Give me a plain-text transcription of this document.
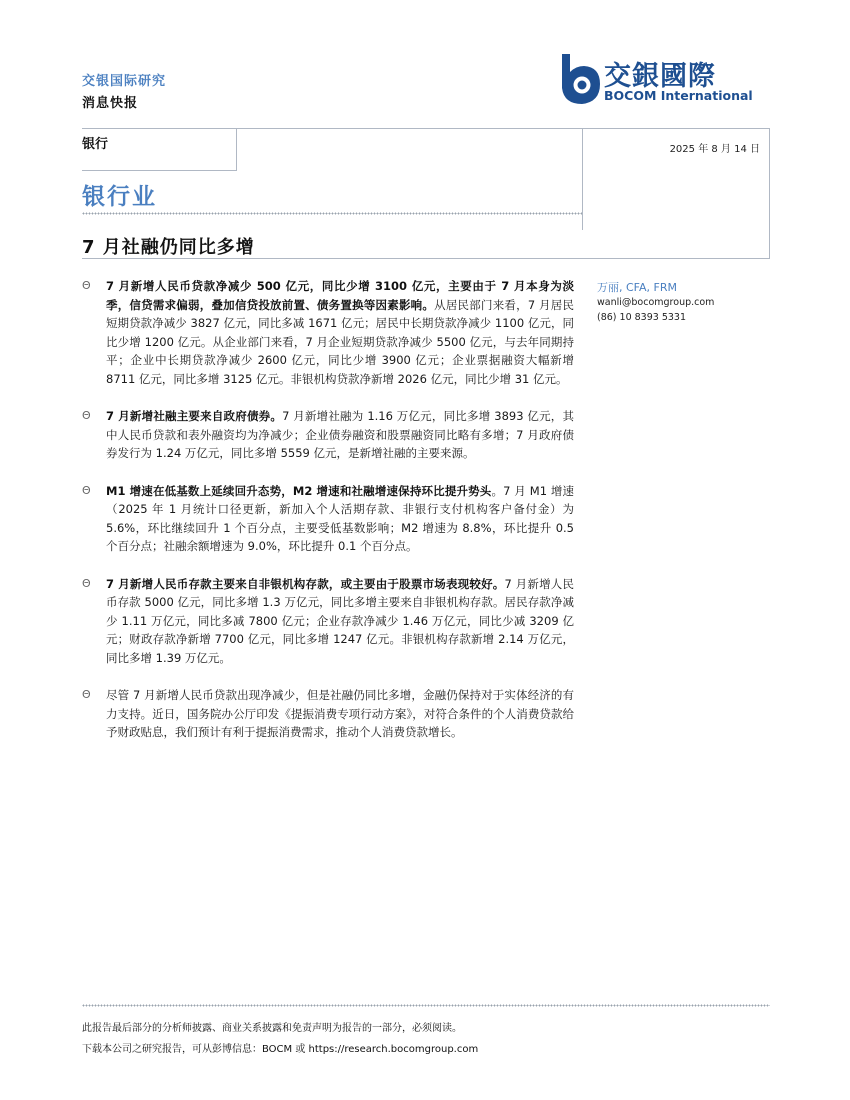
交银国际研究
消息快报
交銀國際
BOCOM International
银行	2025 年 8 月 14 日
银行业
7 月社融仍同比多增
万丽, CFA, FRM
wanli@bocomgroup.com
(86) 10 8393 5331
Θ 7 月新增人民币贷款净减少 500 亿元，同比少增 3100 亿元，主要由于 7 月本身为淡季，信贷需求偏弱，叠加信贷投放前置、债务置换等因素影响。从居民部门来看，7 月居民短期贷款净减少 3827 亿元，同比多减 1671 亿元；居民中长期贷款净减少 1100 亿元，同比少增 1200 亿元。从企业部门来看，7 月企业短期贷款净减少 5500 亿元，与去年同期持平；企业中长期贷款净减少 2600 亿元，同比少增 3900 亿元；企业票据融资大幅新增 8711 亿元，同比多增 3125 亿元。非银机构贷款净新增 2026 亿元，同比少增 31 亿元。
Θ 7 月新增社融主要来自政府债券。7 月新增社融为 1.16 万亿元，同比多增 3893 亿元，其中人民币贷款和表外融资均为净减少；企业债券融资和股票融资同比略有多增；7 月政府债券发行为 1.24 万亿元，同比多增 5559 亿元，是新增社融的主要来源。
Θ M1 增速在低基数上延续回升态势，M2 增速和社融增速保持环比提升势头。7 月 M1 增速（2025 年 1 月统计口径更新，新加入个人活期存款、非银行支付机构客户备付金）为 5.6%，环比继续回升 1 个百分点，主要受低基数影响；M2 增速为 8.8%，环比提升 0.5 个百分点；社融余额增速为 9.0%，环比提升 0.1 个百分点。
Θ 7 月新增人民币存款主要来自非银机构存款，或主要由于股票市场表现较好。7 月新增人民币存款 5000 亿元，同比多增 1.3 万亿元，同比多增主要来自非银机构存款。居民存款净减少 1.11 万亿元，同比多减 7800 亿元；企业存款净减少 1.46 万亿元，同比少减 3209 亿元；财政存款净新增 7700 亿元，同比多增 1247 亿元。非银机构存款新增 2.14 万亿元，同比多增 1.39 万亿元。
Θ 尽管 7 月新增人民币贷款出现净减少，但是社融仍同比多增，金融仍保持对于实体经济的有力支持。近日，国务院办公厅印发《提振消费专项行动方案》，对符合条件的个人消费贷款给予财政贴息，我们预计有利于提振消费需求，推动个人消费贷款增长。
此报告最后部分的分析师披露、商业关系披露和免责声明为报告的一部分，必须阅读。
下载本公司之研究报告，可从彭博信息：BOCM 或 https://research.bocomgroup.com
